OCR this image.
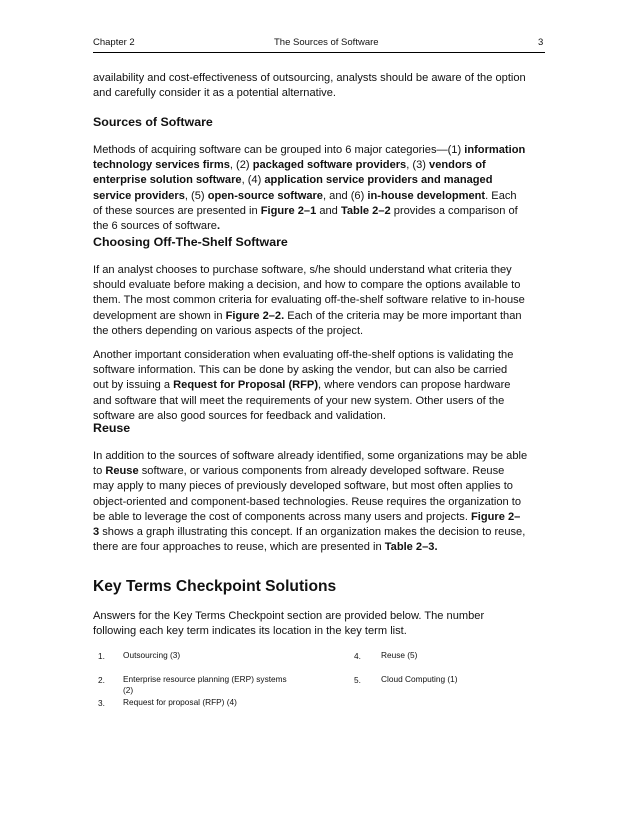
Chapter 2	The Sources of Software	3

availability and cost-effectiveness of outsourcing, analysts should be aware of the option

and carefully consider it as a potential alternative.

Sources of Software

Methods of acquiring software can be grouped into 6 major categories—(1) information

technology services firms, (2) packaged software providers, (3) vendors of

enterprise solution software, (4) application service providers and managed

service providers, (5) open-source software, and (6) in-house development. Each

of these sources are presented in Figure 2–1 and Table 2–2 provides a comparison of

the 6 sources of software.

Choosing Off-The-Shelf Software

If an analyst chooses to purchase software, s/he should understand what criteria they

should evaluate before making a decision, and how to compare the options available to

them. The most common criteria for evaluating off-the-shelf software relative to in-house

development are shown in Figure 2–2. Each of the criteria may be more important than

the others depending on various aspects of the project.

Another important consideration when evaluating off-the-shelf options is validating the

software information. This can be done by asking the vendor, but can also be carried

out by issuing a Request for Proposal (RFP), where vendors can propose hardware

and software that will meet the requirements of your new system. Other users of the

software are also good sources for feedback and validation.

Reuse

In addition to the sources of software already identified, some organizations may be able

to Reuse software, or various components from already developed software. Reuse

may apply to many pieces of previously developed software, but most often applies to

object-oriented and component-based technologies. Reuse requires the organization to

be able to leverage the cost of components across many users and projects. Figure 2–

3 shows a graph illustrating this concept. If an organization makes the decision to reuse,

there are four approaches to reuse, which are presented in Table 2–3.

Key Terms Checkpoint Solutions

Answers for the Key Terms Checkpoint section are provided below. The number

following each key term indicates its location in the key term list.

1. Outsourcing (3)
2. Enterprise resource planning (ERP) systems
(2)
3. Request for proposal (RFP) (4)
4. Reuse (5)
5. Cloud Computing (1)
